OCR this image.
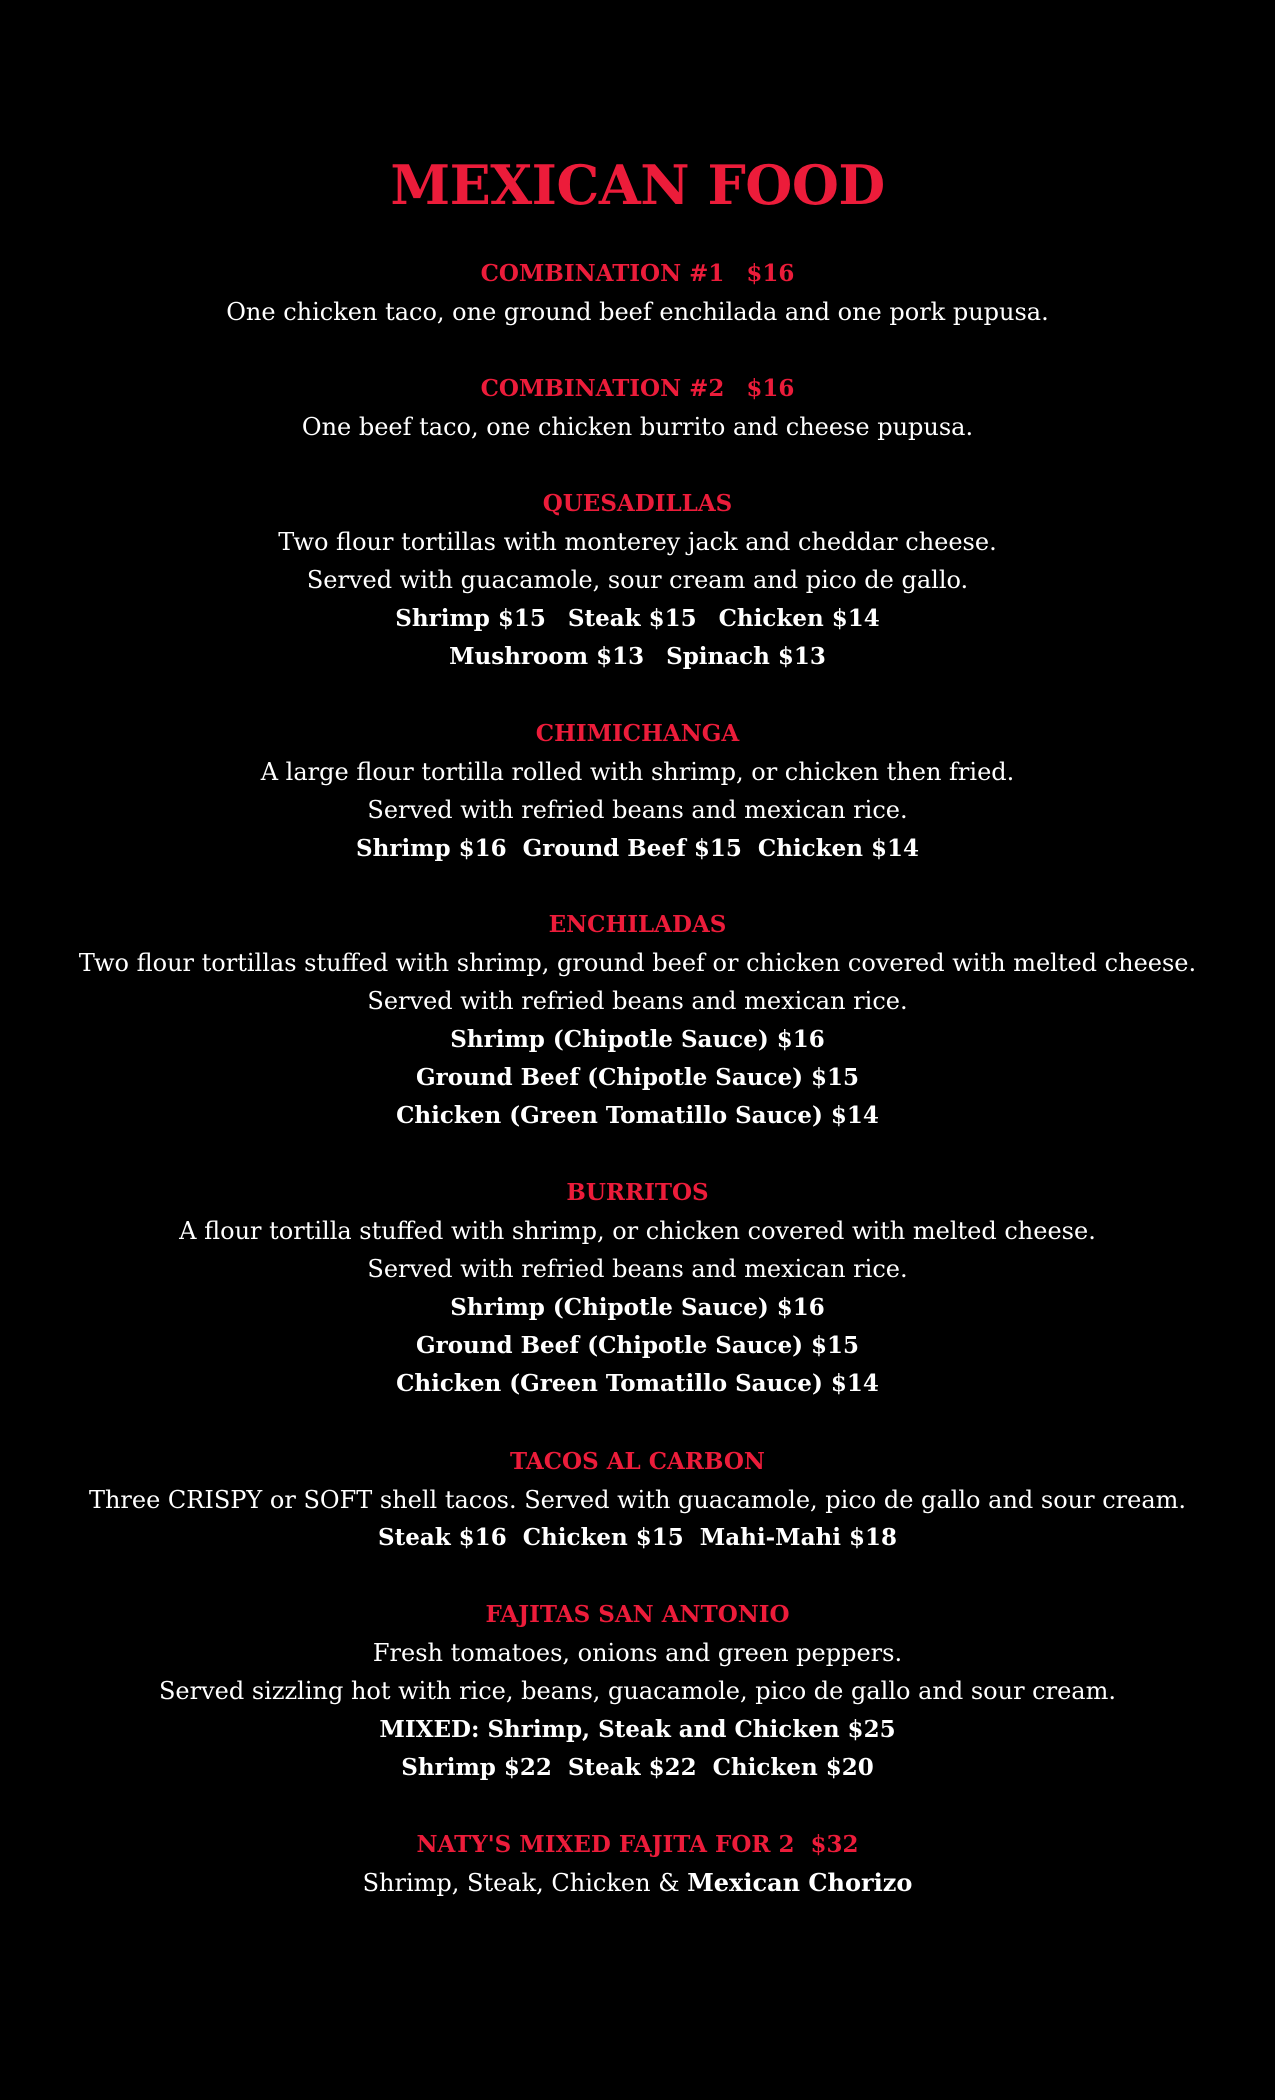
MEXICAN FOOD
COMBINATION #1 $16
One chicken taco, one ground beef enchilada and one pork pupusa.
COMBINATION #2 $16
One beef taco, one chicken burrito and cheese pupusa.
QUESADILLAS
Two flour tortillas with monterey jack and cheddar cheese.
Served with guacamole, sour cream and pico de gallo.
Shrimp $15 Steak $15 Chicken $14
Mushroom $13 Spinach $13
CHIMICHANGA
A large flour tortilla rolled with shrimp, or chicken then fried.
Served with refried beans and mexican rice.
Shrimp $16 Ground Beef $15 Chicken $14
ENCHILADAS
Two flour tortillas stuffed with shrimp, ground beef or chicken covered with melted cheese.
Served with refried beans and mexican rice.
Shrimp (Chipotle Sauce) $16
Ground Beef (Chipotle Sauce) $15
Chicken (Green Tomatillo Sauce) $14
BURRITOS
A flour tortilla stuffed with shrimp, or chicken covered with melted cheese.
Served with refried beans and mexican rice.
Shrimp (Chipotle Sauce) $16
Ground Beef (Chipotle Sauce) $15
Chicken (Green Tomatillo Sauce) $14
TACOS AL CARBON
Three CRISPY or SOFT shell tacos. Served with guacamole, pico de gallo and sour cream.
Steak $16 Chicken $15 Mahi-Mahi $18
FAJITAS SAN ANTONIO
Fresh tomatoes, onions and green peppers.
Served sizzling hot with rice, beans, guacamole, pico de gallo and sour cream.
MIXED: Shrimp, Steak and Chicken $25
Shrimp $22 Steak $22 Chicken $20
NATY'S MIXED FAJITA FOR 2 $32
Shrimp, Steak, Chicken & Mexican Chorizo
